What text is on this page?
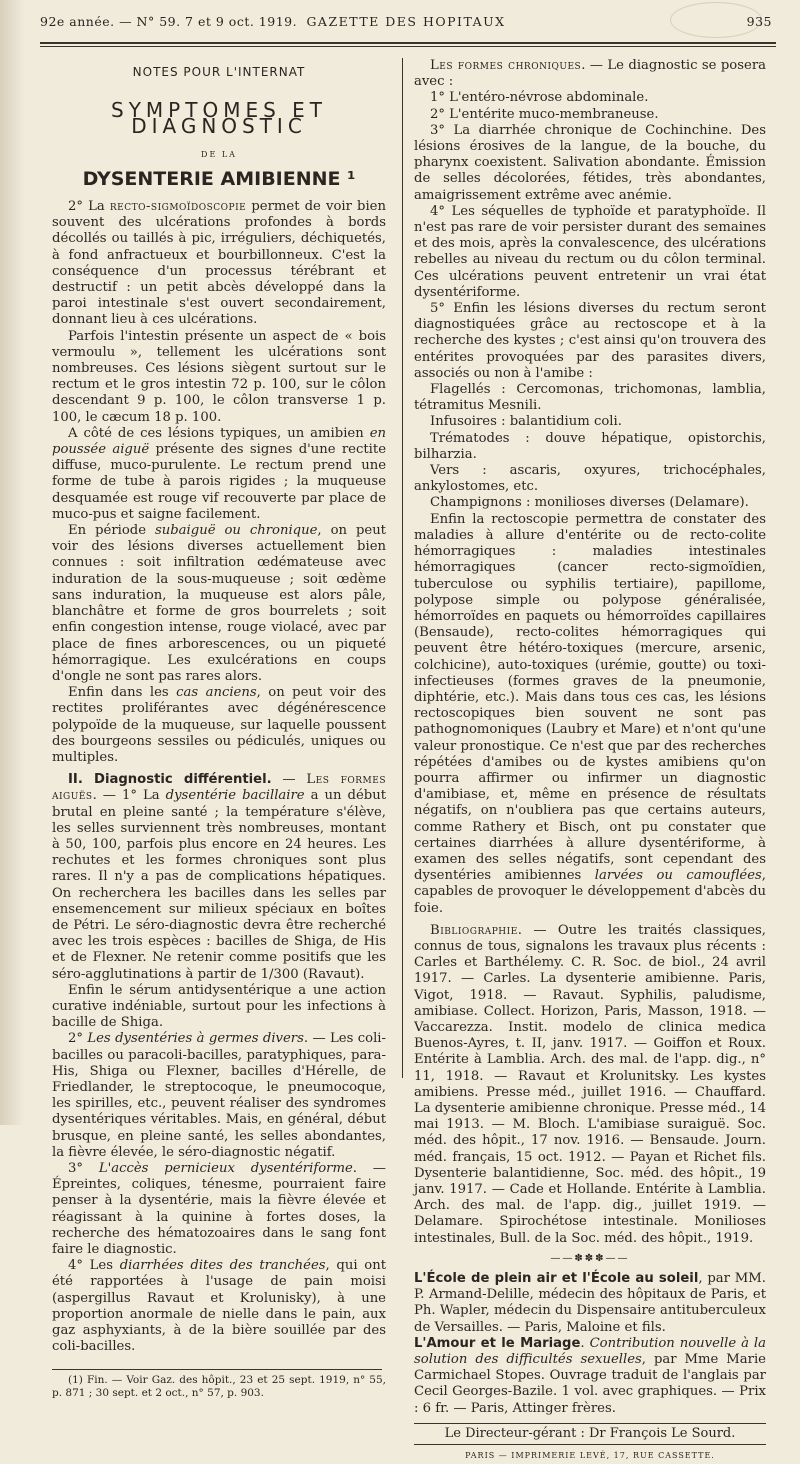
92e année. — N° 59. 7 et 9 oct. 1919. GAZETTE DES HOPITAUX	935
NOTES POUR L'INTERNAT
SYMPTOMES ET DIAGNOSTIC
DE LA
DYSENTERIE AMIBIENNE ¹

2° La recto-sigmoïdoscopie permet de voir bien souvent des ulcérations profondes à bords décollés ou taillés à pic, irréguliers, déchiquetés, à fond anfractueux et bourbillonneux. C'est la conséquence d'un processus térébrant et destructif : un petit abcès développé dans la paroi intestinale s'est ouvert secondairement, donnant lieu à ces ulcérations.

Parfois l'intestin présente un aspect de « bois vermoulu », tellement les ulcérations sont nombreuses. Ces lésions siègent surtout sur le rectum et le gros intestin 72 p. 100, sur le côlon descendant 9 p. 100, le côlon transverse 1 p. 100, le cæcum 18 p. 100.

A côté de ces lésions typiques, un amibien en poussée aiguë présente des signes d'une rectite diffuse, muco-purulente. Le rectum prend une forme de tube à parois rigides ; la muqueuse desquamée est rouge vif recouverte par place de muco-pus et saigne facilement.

En période subaiguë ou chronique, on peut voir des lésions diverses actuellement bien connues : soit infiltration œdémateuse avec induration de la sous-muqueuse ; soit œdème sans induration, la muqueuse est alors pâle, blanchâtre et forme de gros bourrelets ; soit enfin congestion intense, rouge violacé, avec par place de fines arborescences, ou un piqueté hémorragique. Les exulcérations en coups d'ongle ne sont pas rares alors.

Enfin dans les cas anciens, on peut voir des rectites proliférantes avec dégénérescence polypoïde de la muqueuse, sur laquelle poussent des bourgeons sessiles ou pédiculés, uniques ou multiples.

II. Diagnostic différentiel. — Les formes aiguës. — 1° La dysentérie bacillaire a un début brutal en pleine santé ; la température s'élève, les selles surviennent très nombreuses, montant à 50, 100, parfois plus encore en 24 heures. Les rechutes et les formes chroniques sont plus rares. Il n'y a pas de complications hépatiques. On recherchera les bacilles dans les selles par ensemencement sur milieux spéciaux en boîtes de Pétri. Le séro-diagnostic devra être recherché avec les trois espèces : bacilles de Shiga, de His et de Flexner. Ne retenir comme positifs que les séro-agglutinations à partir de 1/300 (Ravaut).

Enfin le sérum antidysentérique a une action curative indéniable, surtout pour les infections à bacille de Shiga.

2° Les dysentéries à germes divers. — Les coli-bacilles ou paracoli-bacilles, paratyphiques, para-His, Shiga ou Flexner, bacilles d'Hérelle, de Friedlander, le streptocoque, le pneumocoque, les spirilles, etc., peuvent réaliser des syndromes dysentériques véritables. Mais, en général, début brusque, en pleine santé, les selles abondantes, la fièvre élevée, le séro-diagnostic négatif.

3° L'accès pernicieux dysentériforme. — Épreintes, coliques, ténesme, pourraient faire penser à la dysentérie, mais la fièvre élevée et réagissant à la quinine à fortes doses, la recherche des hématozoaires dans le sang font faire le diagnostic.

4° Les diarrhées dites des tranchées, qui ont été rapportées à l'usage de pain moisi (aspergillus Ravaut et Krolunisky), à une proportion anormale de nielle dans le pain, aux gaz asphyxiants, à de la bière souillée par des coli-bacilles.

(1) Fin. — Voir Gaz. des hôpit., 23 et 25 sept. 1919, n° 55, p. 871 ; 30 sept. et 2 oct., n° 57, p. 903.

Les formes chroniques. — Le diagnostic se posera avec :

1° L'entéro-névrose abdominale.

2° L'entérite muco-membraneuse.

3° La diarrhée chronique de Cochinchine. Des lésions érosives de la langue, de la bouche, du pharynx coexistent. Salivation abondante. Émission de selles décolorées, fétides, très abondantes, amaigrissement extrême avec anémie.

4° Les séquelles de typhoïde et paratyphoïde. Il n'est pas rare de voir persister durant des semaines et des mois, après la convalescence, des ulcérations rebelles au niveau du rectum ou du côlon terminal. Ces ulcérations peuvent entretenir un vrai état dysentériforme.

5° Enfin les lésions diverses du rectum seront diagnostiquées grâce au rectoscope et à la recherche des kystes ; c'est ainsi qu'on trouvera des entérites provoquées par des parasites divers, associés ou non à l'amibe :

Flagellés : Cercomonas, trichomonas, lamblia, tétramitus Mesnili.

Infusoires : balantidium coli.

Trématodes : douve hépatique, opistorchis, bilharzia.

Vers : ascaris, oxyures, trichocéphales, ankylostomes, etc.

Champignons : monilioses diverses (Delamare).

Enfin la rectoscopie permettra de constater des maladies à allure d'entérite ou de recto-colite hémorragiques : maladies intestinales hémorragiques (cancer recto-sigmoïdien, tuberculose ou syphilis tertiaire), papillome, polypose simple ou polypose généralisée, hémorroïdes en paquets ou hémorroïdes capillaires (Bensaude), recto-colites hémorragiques qui peuvent être hétéro-toxiques (mercure, arsenic, colchicine), auto-toxiques (urémie, goutte) ou toxi-infectieuses (formes graves de la pneumonie, diphtérie, etc.). Mais dans tous ces cas, les lésions rectoscopiques bien souvent ne sont pas pathognomoniques (Laubry et Mare) et n'ont qu'une valeur pronostique. Ce n'est que par des recherches répétées d'amibes ou de kystes amibiens qu'on pourra affirmer ou infirmer un diagnostic d'amibiase, et, même en présence de résultats négatifs, on n'oubliera pas que certains auteurs, comme Rathery et Bisch, ont pu constater que certaines diarrhées à allure dysentériforme, à examen des selles négatifs, sont cependant des dysentéries amibiennes larvées ou camouflées, capables de provoquer le développement d'abcès du foie.

Bibliographie. — Outre les traités classiques, connus de tous, signalons les travaux plus récents : Carles et Barthélemy. C. R. Soc. de biol., 24 avril 1917. — Carles. La dysenterie amibienne. Paris, Vigot, 1918. — Ravaut. Syphilis, paludisme, amibiase. Collect. Horizon, Paris, Masson, 1918. — Vaccarezza. Instit. modelo de clinica medica Buenos-Ayres, t. II, janv. 1917. — Goiffon et Roux. Entérite à Lamblia. Arch. des mal. de l'app. dig., n° 11, 1918. — Ravaut et Krolunitsky. Les kystes amibiens. Presse méd., juillet 1916. — Chauffard. La dysenterie amibienne chronique. Presse méd., 14 mai 1913. — M. Bloch. L'amibiase suraiguë. Soc. méd. des hôpit., 17 nov. 1916. — Bensaude. Journ. méd. français, 15 oct. 1912. — Payan et Richet fils. Dysenterie balantidienne, Soc. méd. des hôpit., 19 janv. 1917. — Cade et Hollande. Entérite à Lamblia. Arch. des mal. de l'app. dig., juillet 1919. — Delamare. Spirochétose intestinale. Monilioses intestinales, Bull. de la Soc. méd. des hôpit., 1919.

——✽✽✽——

L'École de plein air et l'École au soleil, par MM. P. Armand-Delille, médecin des hôpitaux de Paris, et Ph. Wapler, médecin du Dispensaire antituberculeux de Versailles. — Paris, Maloine et fils.

L'Amour et le Mariage. Contribution nouvelle à la solution des difficultés sexuelles, par Mme Marie Carmichael Stopes. Ouvrage traduit de l'anglais par Cecil Georges-Bazile. 1 vol. avec graphiques. — Prix : 6 fr. — Paris, Attinger frères.

Le Directeur-gérant : Dr François Le Sourd.
PARIS — IMPRIMERIE LEVÉ, 17, RUE CASSETTE.
